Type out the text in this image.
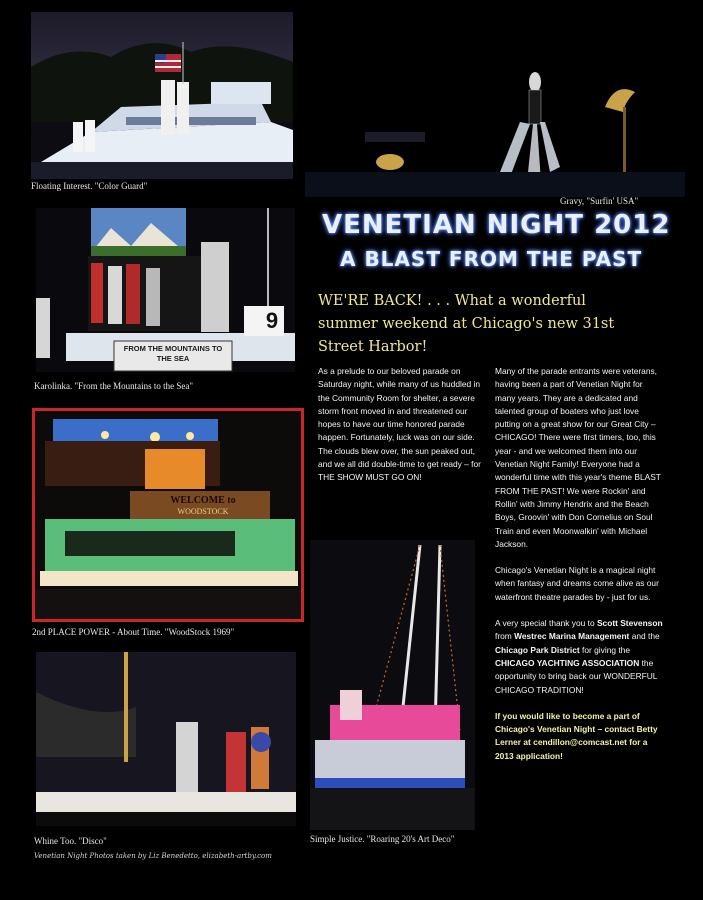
Floating Interest. "Color Guard"
Gravy, "Surfin' USA"
VENETIAN NIGHT 2012
A BLAST FROM THE PAST
FROM THE MOUNTAINS TO THE SEA
9
Karolinka. "From the Mountains to the Sea"
WELCOME to
WOODSTOCK
2nd PLACE POWER - About Time. "WoodStock 1969"
Whine Too. "Disco"	Simple Justice. "Roaring 20's Art Deco"
WE'RE BACK! . . . What a wonderful summer weekend at Chicago's new 31st Street Harbor!

As a prelude to our beloved parade on Saturday night, while many of us huddled in the Community Room for shelter, a severe storm front moved in and threatened our hopes to have our time honored parade happen. Fortunately, luck was on our side. The clouds blew over, the sun peaked out, and we all did double-time to get ready – for THE SHOW MUST GO ON!

Many of the parade entrants were veterans, having been a part of Venetian Night for many years. They are a dedicated and talented group of boaters who just love putting on a great show for our Great City – CHICAGO! There were first timers, too, this year - and we welcomed them into our Venetian Night Family! Everyone had a wonderful time with this year's theme BLAST FROM THE PAST! We were Rockin' and Rollin' with Jimmy Hendrix and the Beach Boys, Groovin' with Don Cornelius on Soul Train and even Moonwalkin' with Michael Jackson.

Chicago's Venetian Night is a magical night when fantasy and dreams come alive as our waterfront theatre parades by - just for us.

A very special thank you to Scott Stevenson from Westrec Marina Management and the Chicago Park District for giving the CHICAGO YACHTING ASSOCIATION the opportunity to bring back our WONDERFUL CHICAGO TRADITION!

If you would like to become a part of Chicago's Venetian Night – contact Betty Lerner at cendillon@comcast.net for a 2013 application!

Venetian Night Photos taken by Liz Benedetto, elizabeth-artby.com
